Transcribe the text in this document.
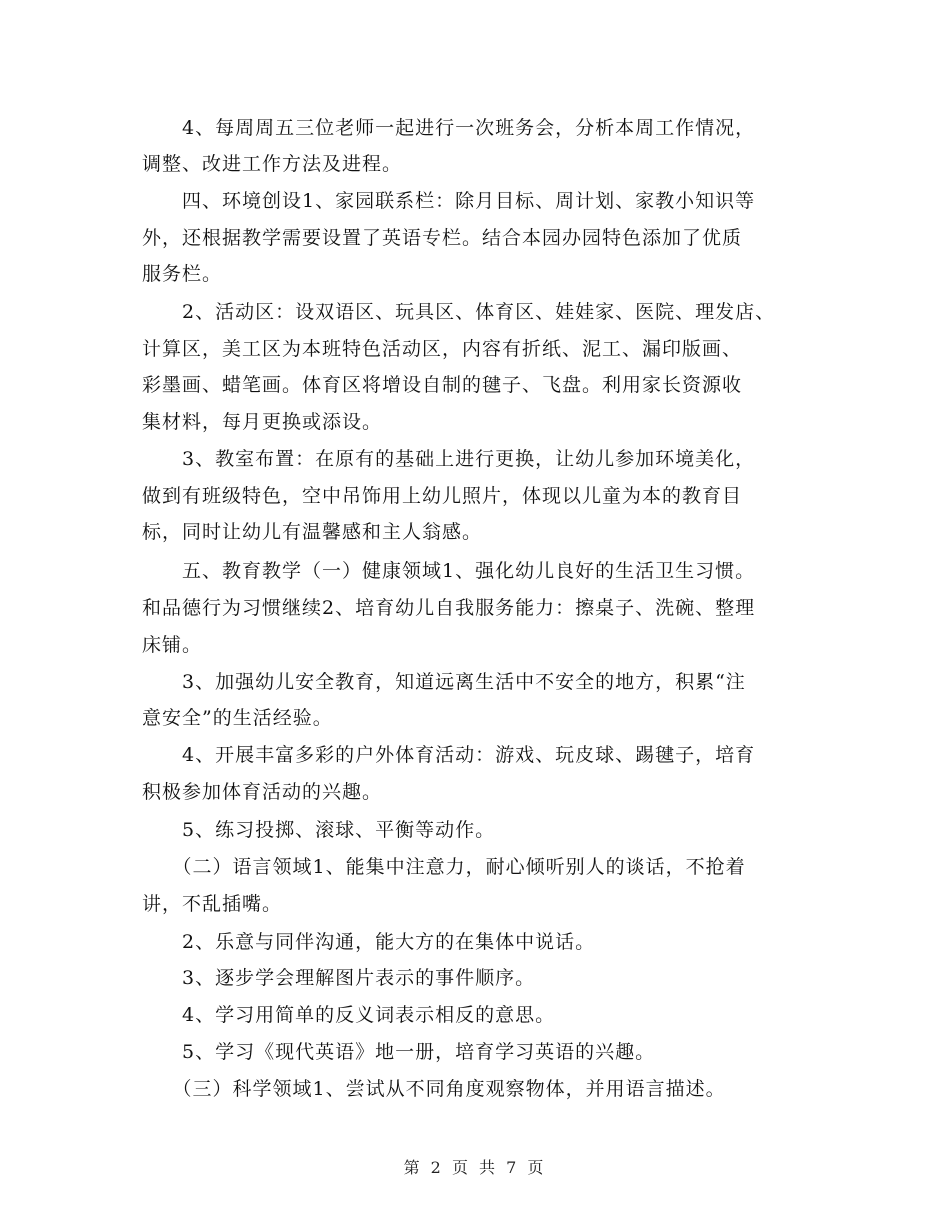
　　4、每周周五三位老师一起进行一次班务会，分析本周工作情况，
调整、改进工作方法及进程。
　　四、环境创设1、家园联系栏：除月目标、周计划、家教小知识等
外，还根据教学需要设置了英语专栏。结合本园办园特色添加了优质
服务栏。
　　2、活动区：设双语区、玩具区、体育区、娃娃家、医院、理发店、
计算区，美工区为本班特色活动区，内容有折纸、泥工、漏印版画、
彩墨画、蜡笔画。体育区将增设自制的毽子、飞盘。利用家长资源收
集材料，每月更换或添设。
　　3、教室布置：在原有的基础上进行更换，让幼儿参加环境美化，
做到有班级特色，空中吊饰用上幼儿照片，体现以儿童为本的教育目
标，同时让幼儿有温馨感和主人翁感。
　　五、教育教学（一）健康领域1、强化幼儿良好的生活卫生习惯。
和品德行为习惯继续2、培育幼儿自我服务能力：擦桌子、洗碗、整理
床铺。
　　3、加强幼儿安全教育，知道远离生活中不安全的地方，积累“注
意安全”的生活经验。
　　4、开展丰富多彩的户外体育活动：游戏、玩皮球、踢毽子，培育
积极参加体育活动的兴趣。
　　5、练习投掷、滚球、平衡等动作。
　　（二）语言领域1、能集中注意力，耐心倾听别人的谈话，不抢着
讲，不乱插嘴。
　　2、乐意与同伴沟通，能大方的在集体中说话。
　　3、逐步学会理解图片表示的事件顺序。
　　4、学习用简单的反义词表示相反的意思。
　　5、学习《现代英语》地一册，培育学习英语的兴趣。
　　（三）科学领域1、尝试从不同角度观察物体，并用语言描述。
第 2 页 共 7 页
